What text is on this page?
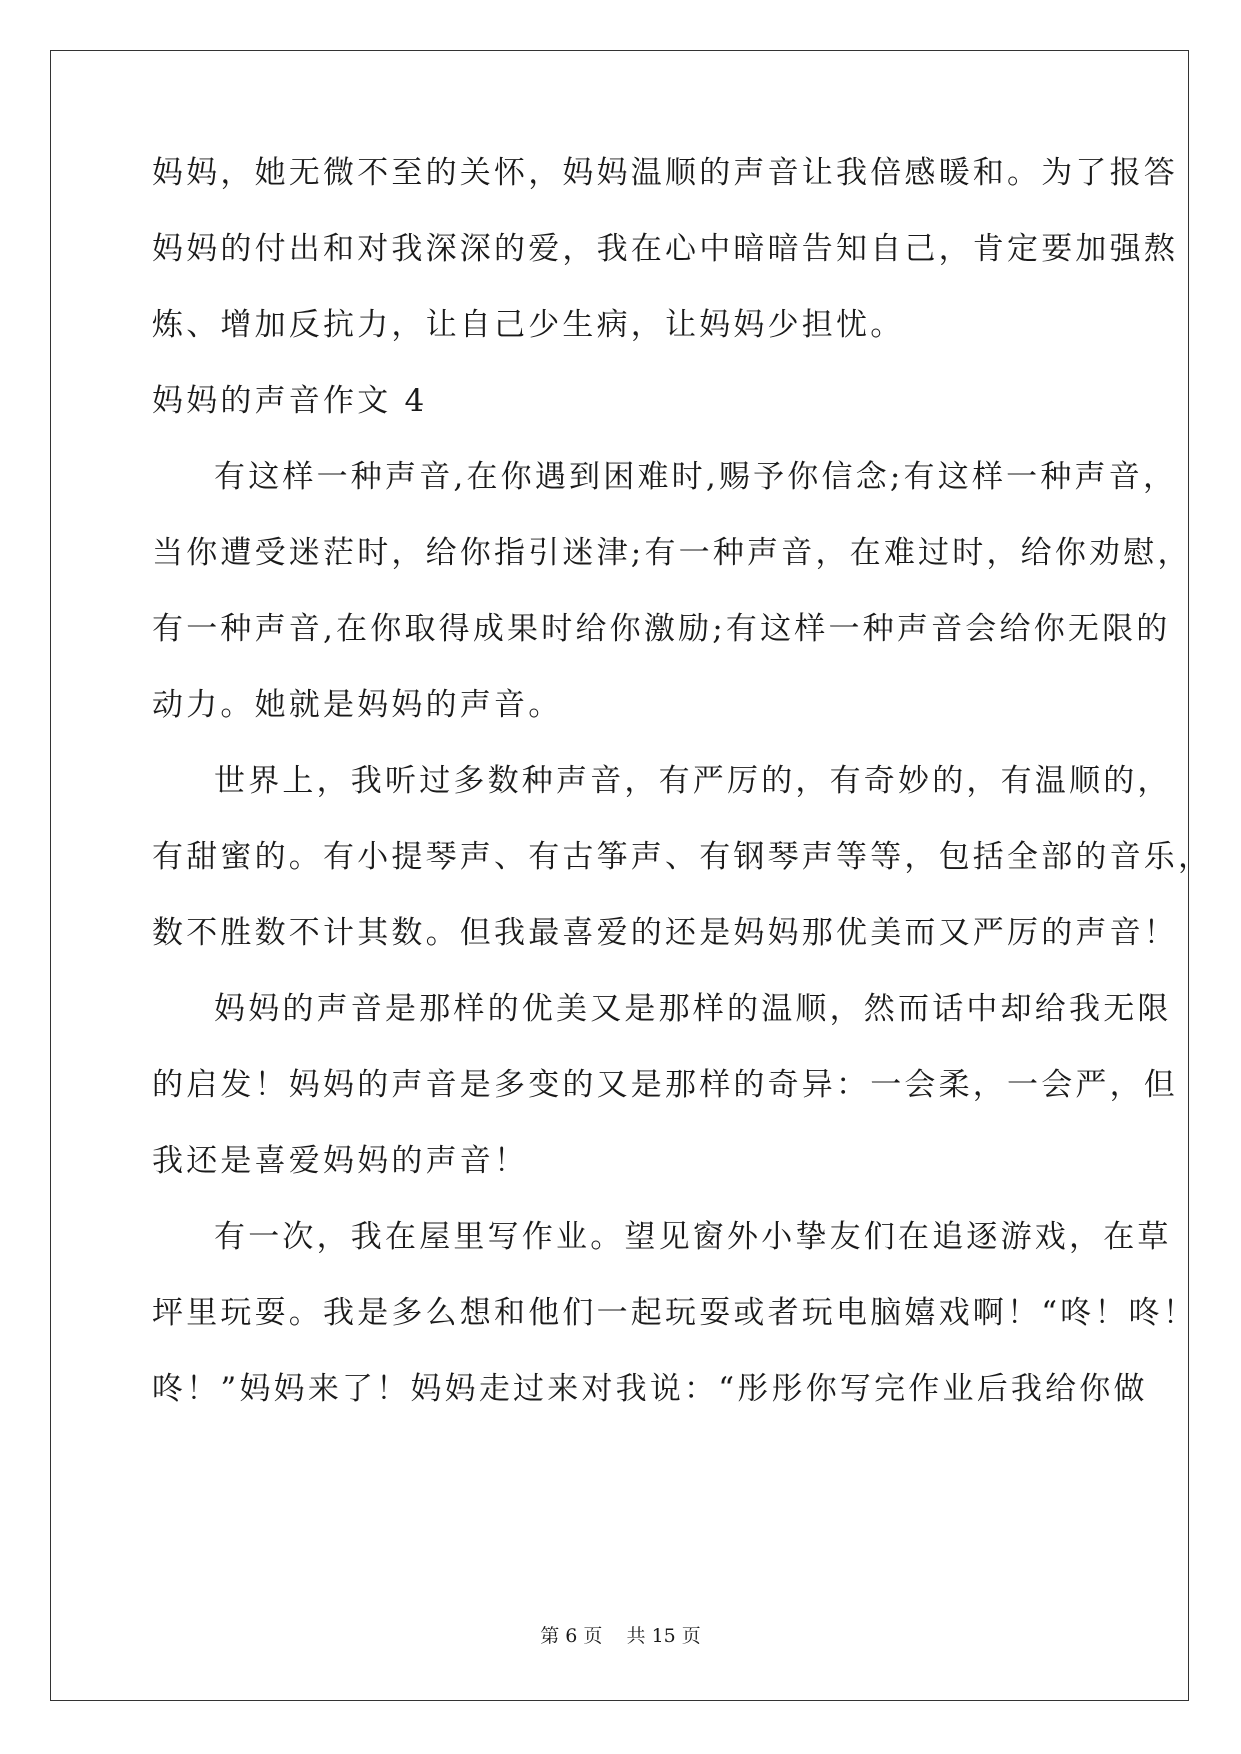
妈妈，她无微不至的关怀，妈妈温顺的声音让我倍感暖和。为了报答
妈妈的付出和对我深深的爱，我在心中暗暗告知自己，肯定要加强熬
炼、增加反抗力，让自己少生病，让妈妈少担忧。
妈妈的声音作文 4
有这样一种声音,在你遇到困难时,赐予你信念;有这样一种声音，
当你遭受迷茫时，给你指引迷津;有一种声音，在难过时，给你劝慰，
有一种声音,在你取得成果时给你激励;有这样一种声音会给你无限的
动力。她就是妈妈的声音。
世界上，我听过多数种声音，有严厉的，有奇妙的，有温顺的，
有甜蜜的。有小提琴声、有古筝声、有钢琴声等等，包括全部的音乐，
数不胜数不计其数。但我最喜爱的还是妈妈那优美而又严厉的声音！
妈妈的声音是那样的优美又是那样的温顺，然而话中却给我无限
的启发！妈妈的声音是多变的又是那样的奇异：一会柔，一会严，但
我还是喜爱妈妈的声音！
有一次，我在屋里写作业。望见窗外小挚友们在追逐游戏，在草
坪里玩耍。我是多么想和他们一起玩耍或者玩电脑嬉戏啊！“咚！咚！
咚！”妈妈来了！妈妈走过来对我说：“彤彤你写完作业后我给你做
第 6 页    共 15 页
